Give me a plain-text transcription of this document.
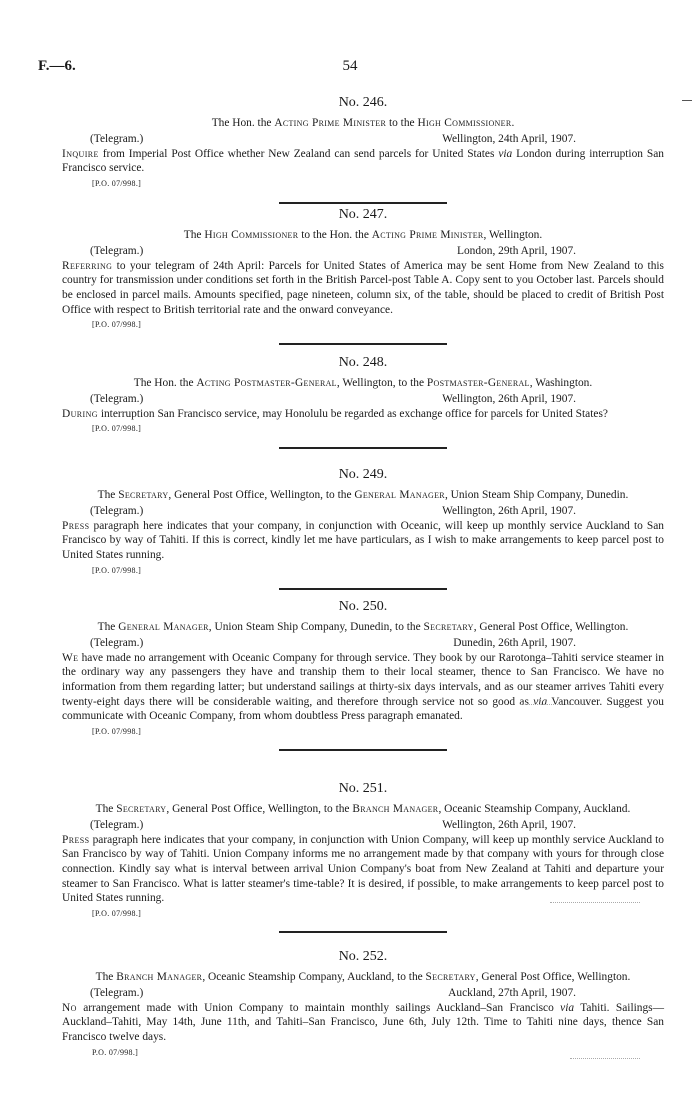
F.—6.	54
No. 246.
The Hon. the Acting Prime Minister to the High Commissioner.
(Telegram.)	Wellington, 24th April, 1907.

Inquire from Imperial Post Office whether New Zealand can send parcels for United States via London during interruption San Francisco service.

[P.O. 07/998.]
No. 247.
The High Commissioner to the Hon. the Acting Prime Minister, Wellington.
(Telegram.)	London, 29th April, 1907.

Referring to your telegram of 24th April: Parcels for United States of America may be sent Home from New Zealand to this country for transmission under conditions set forth in the British Parcel-post Table A. Copy sent to you October last. Parcels should be enclosed in parcel mails. Amounts specified, page nineteen, column six, of the table, should be placed to credit of British Post Office with respect to British territorial rate and the onward conveyance.

[P.O. 07/998.]
No. 248.
The Hon. the Acting Postmaster-General, Wellington, to the Postmaster-General, Washington.
(Telegram.)	Wellington, 26th April, 1907.

During interruption San Francisco service, may Honolulu be regarded as exchange office for parcels for United States?

[P.O. 07/998.]
No. 249.
The Secretary, General Post Office, Wellington, to the General Manager, Union Steam Ship Company, Dunedin.
(Telegram.)	Wellington, 26th April, 1907.

Press paragraph here indicates that your company, in conjunction with Oceanic, will keep up monthly service Auckland to San Francisco by way of Tahiti. If this is correct, kindly let me have particulars, as I wish to make arrangements to keep parcel post to United States running.

[P.O. 07/998.]
No. 250.
The General Manager, Union Steam Ship Company, Dunedin, to the Secretary, General Post Office, Wellington.
(Telegram.)	Dunedin, 26th April, 1907.

We have made no arrangement with Oceanic Company for through service. They book by our Rarotonga–Tahiti service steamer in the ordinary way any passengers they have and tranship them to their local steamer, thence to San Francisco. We have no information from them regarding latter; but understand sailings at thirty-six days intervals, and as our steamer arrives Tahiti every twenty-eight days there will be considerable waiting, and therefore through service not so good as via Vancouver. Suggest you communicate with Oceanic Company, from whom doubtless Press paragraph emanated.

[P.O. 07/998.]
No. 251.
The Secretary, General Post Office, Wellington, to the Branch Manager, Oceanic Steamship Company, Auckland.
(Telegram.)	Wellington, 26th April, 1907.

Press paragraph here indicates that your company, in conjunction with Union Company, will keep up monthly service Auckland to San Francisco by way of Tahiti. Union Company informs me no arrangement made by that company with yours for through close connection. Kindly say what is interval between arrival Union Company's boat from New Zealand at Tahiti and departure your steamer to San Francisco. What is latter steamer's time-table? It is desired, if possible, to make arrangements to keep parcel post to United States running.

[P.O. 07/998.]
No. 252.
The Branch Manager, Oceanic Steamship Company, Auckland, to the Secretary, General Post Office, Wellington.
(Telegram.)	Auckland, 27th April, 1907.

No arrangement made with Union Company to maintain monthly sailings Auckland–San Francisco via Tahiti. Sailings—Auckland–Tahiti, May 14th, June 11th, and Tahiti–San Francisco, June 6th, July 12th. Time to Tahiti nine days, thence San Francisco twelve days.

P.O. 07/998.]
